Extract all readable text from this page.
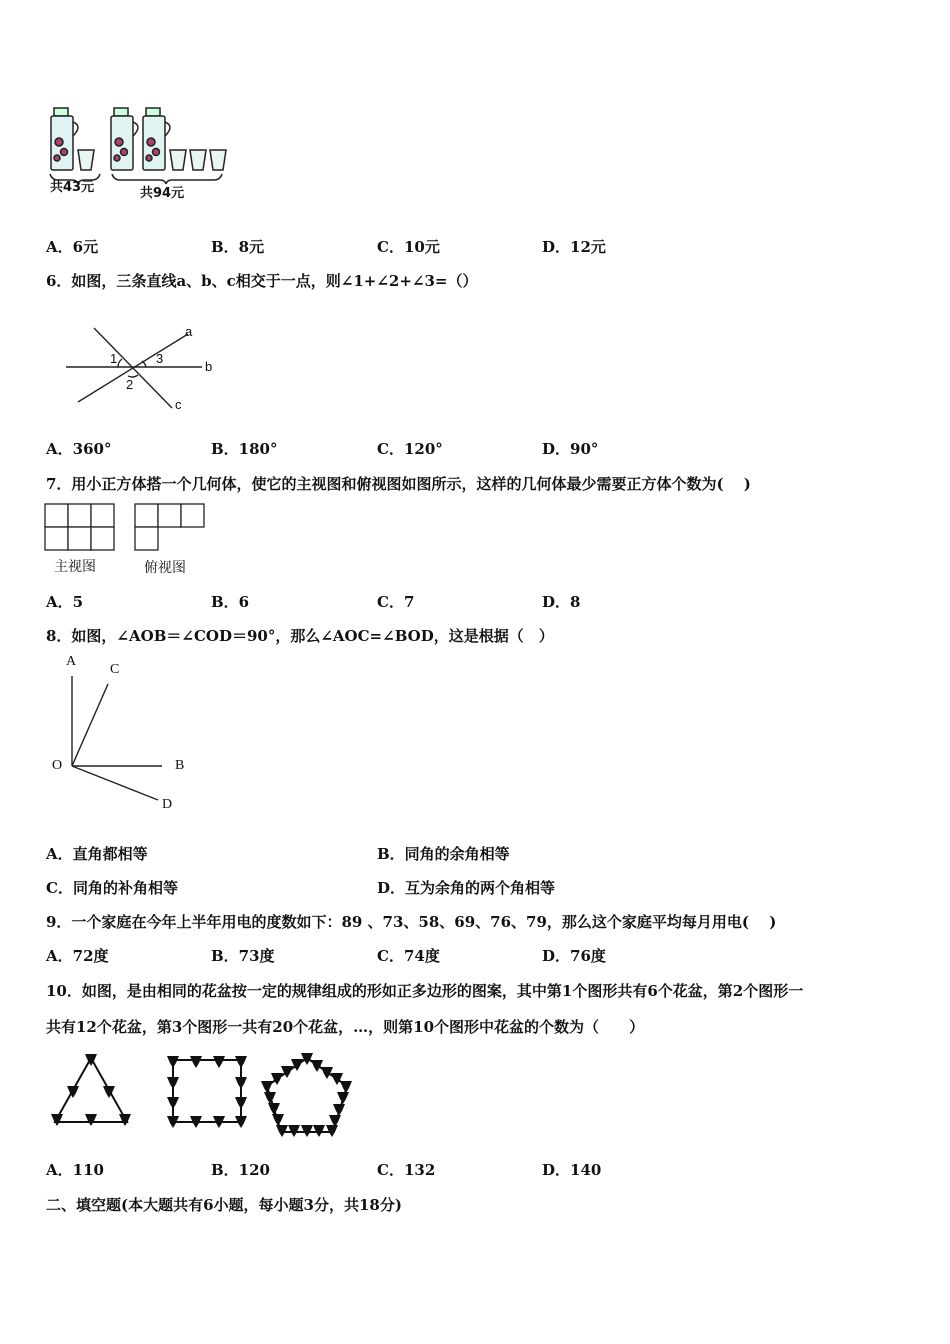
共43元	共94元
A．6元	B．8元	C．10元	D．12元
6．如图，三条直线a、b、c相交于一点，则∠1+∠2+∠3=（）
a
b
c
1
2
3
A．360°	B．180°	C．120°	D．90°
7．用小正方体搭一个几何体，使它的主视图和俯视图如图所示，这样的几何体最少需要正方体个数为(　 )
主视图	俯视图
A．5	B．6	C．7	D．8
8．如图，∠AOB＝∠COD＝90°，那么∠AOC=∠BOD，这是根据（　）
A
C
O	B
D
A．直角都相等	B．同角的余角相等
C．同角的补角相等	D．互为余角的两个角相等
9．一个家庭在今年上半年用电的度数如下：89 、73、58、69、76、79，那么这个家庭平均每月用电(　 )
A．72度	B．73度	C．74度	D．76度
10．如图，是由相同的花盆按一定的规律组成的形如正多边形的图案，其中第1个图形共有6个花盆，第2个图形一
共有12个花盆，第3个图形一共有20个花盆，…，则第10个图形中花盆的个数为（　　）
A．110	B．120	C．132	D．140
二、填空题(本大题共有6小题，每小题3分，共18分)
